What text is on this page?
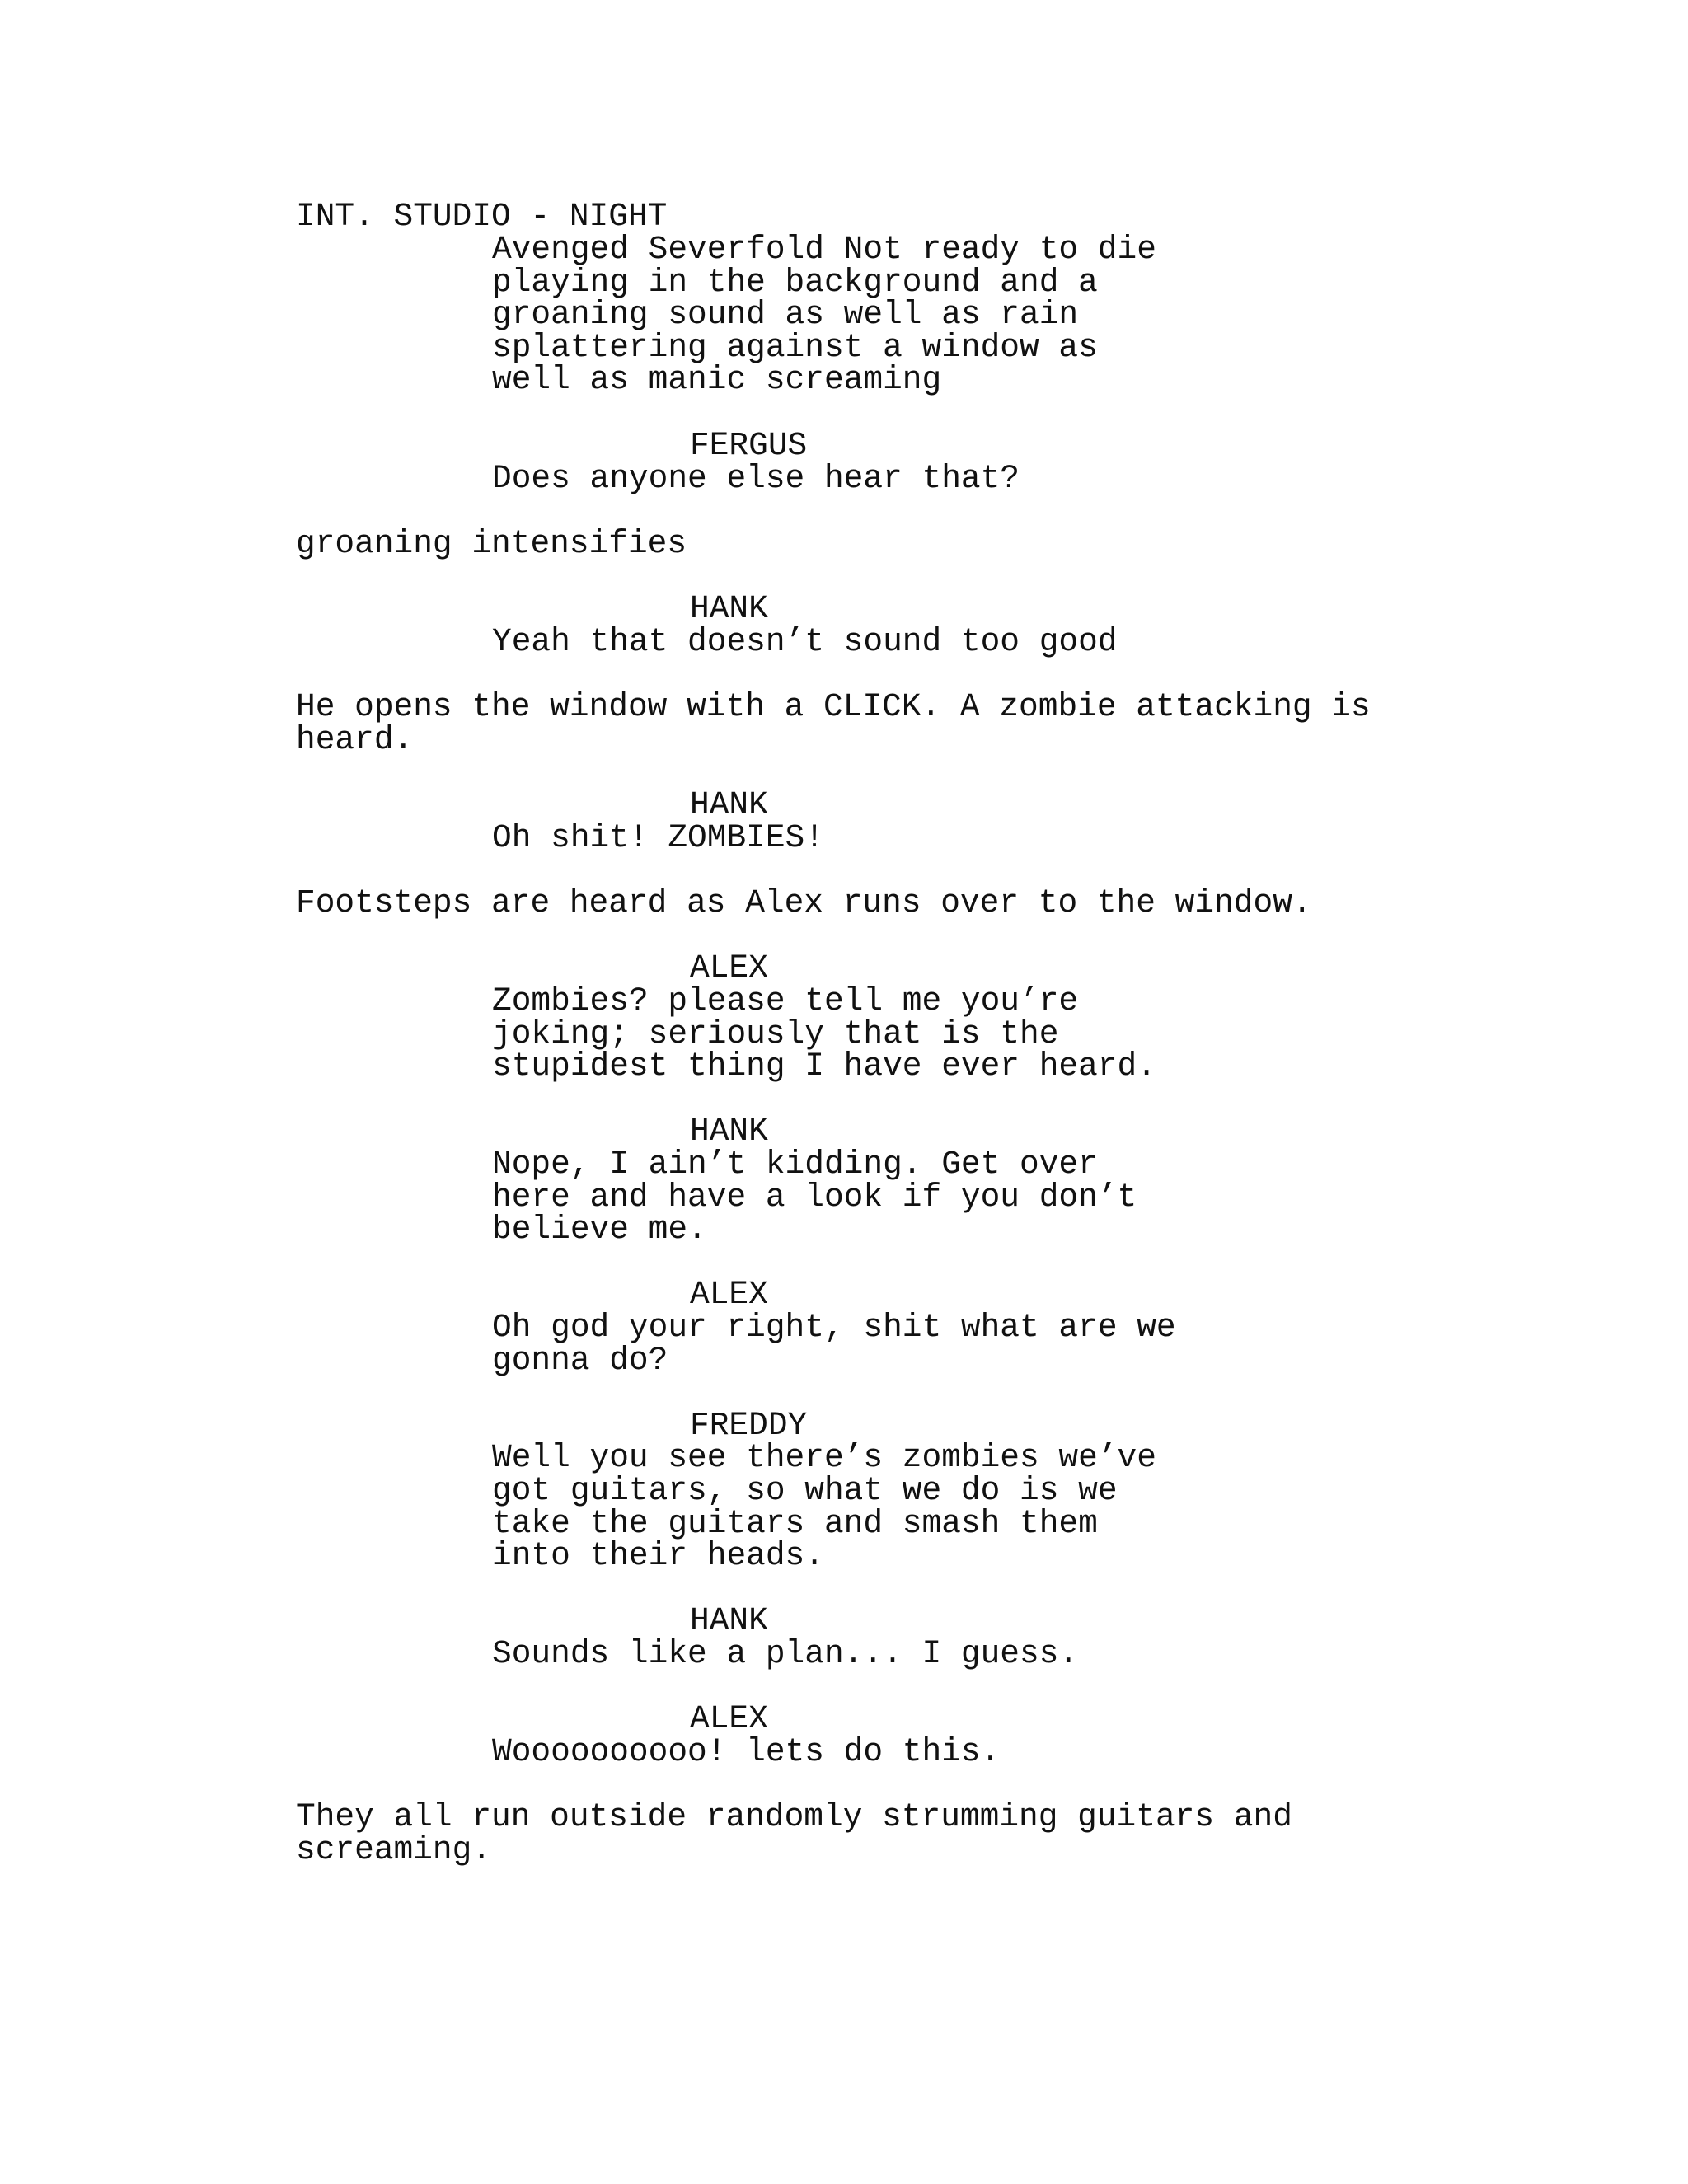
INT. STUDIO - NIGHT

Avenged Severfold Not ready to die

playing in the background and a

groaning sound as well as rain

splattering against a window as

well as manic screaming

FERGUS

Does anyone else hear that?

groaning intensifies

HANK

Yeah that doesn’t sound too good

He opens the window with a CLICK. A zombie attacking is

heard.

HANK

Oh shit! ZOMBIES!

Footsteps are heard as Alex runs over to the window.

ALEX

Zombies? please tell me you’re

joking; seriously that is the

stupidest thing I have ever heard.

HANK

Nope, I ain’t kidding. Get over

here and have a look if you don’t

believe me.

ALEX

Oh god your right, shit what are we

gonna do?

FREDDY

Well you see there’s zombies we’ve

got guitars, so what we do is we

take the guitars and smash them

into their heads.

HANK

Sounds like a plan... I guess.

ALEX

Woooooooooo! lets do this.

They all run outside randomly strumming guitars and

screaming.
